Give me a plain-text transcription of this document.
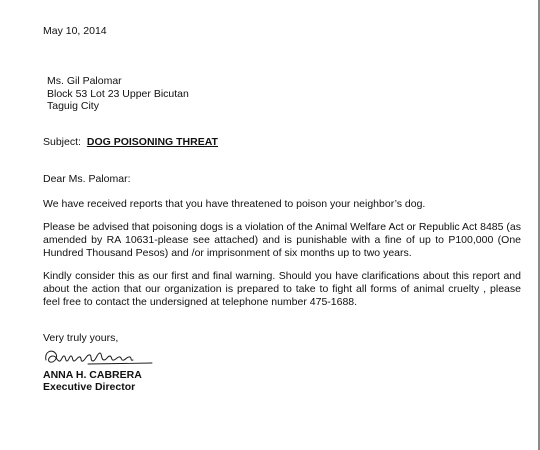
May 10, 2014
Ms. Gil Palomar
Block 53 Lot 23 Upper Bicutan
Taguig City
Subject: DOG POISONING THREAT
Dear Ms. Palomar:
We have received reports that you have threatened to poison your neighbor’s dog.
Please be advised that poisoning dogs is a violation of the Animal Welfare Act or Republic Act 8485 (as amended by RA 10631-please see attached) and is punishable with a fine of up to P100,000 (One Hundred Thousand Pesos) and /or imprisonment of six months up to two years.
Kindly consider this as our first and final warning. Should you have clarifications about this report and about the action that our organization is prepared to take to fight all forms of animal cruelty , please feel free to contact the undersigned at telephone number 475-1688.
Very truly yours,
ANNA H. CABRERA
Executive Director
